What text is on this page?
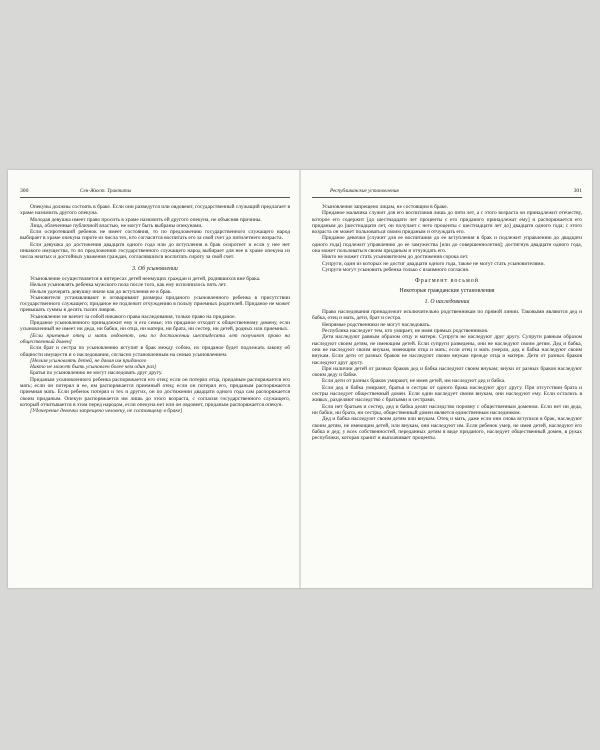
300	Сен-Жюст. Трактаты

Опекуны должны состоять в браке. Если они разведутся или овдовеют, государственный служащий предлагает в храме назначить другого опекуна.

Молодая девушка имеет право просить в храме назначить ей другого опекуна, не объясняя причины.

Лица, облеченные публичной властью, не могут быть выбраны опекунами.

Если осиротевший ребенок не имеет состояния, то по предложению государственного служащего народ выбирает в храме опекуна сироте из числа тех, кто согласится воспитать его за свой счет до пятилетнего возраста.

Если девушка до достижения двадцати одного года или до вступления в брак осиротеет и если у нее нет никакого имущества, то по предложению государственного служащего народ выбирает для нее в храме опекуна из числа жнатых и достойных уважения граждан, согласившихся воспитать сироту за свой счет.

3. Об усыновлении

Усыновление осуществляется в интересах детей неимущих граждан и детей, родившихся вне брака.

Нельзя усыновлять ребенка мужского пола после того, как ему исполнилось пять лет.

Нельзя удочерять девушку иначе как до вступления ее в брак.

Усыновители устанавливают и оговаривают размеры приданого усыновленного ребенка в присутствии государственного служащего; приданое не подлежит отчуждению в пользу приемных родителей. Приданое не может превышать суммы в десять тысяч ливров.

Усыновление не влечет за собой никакого права наследования, только право на приданое.

Приданое усыновленного принадлежит ему и его семье; это приданое отходит к общественному домену, если усыновленный не имеет ни деда, ни бабки, ни отца, ни матери, ни брата, ни сестер, ни детей, родных или приемных.

[Если приемные отец и мать овдовеют, они по достижении шестидесяти лет получают право на общественный домен]

Если брат и сестра по усыновлению вступят в брак между собою, их приданое будет подлежать закону об общности имуществ и о наследовании, согласно установленным на семью усыновлением.

[Нельзя усыновлять детей, не давая им приданого

Никто не может быть усыновлен более чем один раз]

Братья по усыновлению не могут наследовать друг другу.

Приданым усыновленного ребенка распоряжается его отец; если он потерял отца, приданым распоряжается его мать; если он потерял и ее, им распоряжается приемный отец; если он потерял его, приданым распоряжается приемная мать. Если ребенок потерял и тех и других, он по достижении двадцати одного года сам распоряжается своим приданым. Опекун распоряжается им лишь до этого возраста, с согласия государственного служащего, который отчитывается в этом перед народом, если опекуна нет или он овдовеет, приданым распоряжается опекун.

[Удочерение девочки запрещено человеку, не состоящему в браке]

Республиканские установления	301

Усыновление запрещено лицам, не состоящим в браке.

Приданое мальчика служит для его воспитания лишь до пяти лет, а с этого возраста он принадлежит отечеству, которое его содержит [до шестнадцати лет проценты с его приданого принадлежат ему] и распоряжается его приданым до [шестнадцати лет, он получает с него проценты с шестнадцати лет до] двадцати одного года; с этого возраста он может пользоваться своим приданым и отчуждать его.

Приданое девочки [служит для ее воспитания до ее вступления в брак и подлежит управлению до двадцати одного года] подлежит управлению до ее замужества [или до совершеннолетия]; достигнув двадцати одного года, она может пользоваться своим приданым и отчуждать его.

Никто не может стать усыновителем до достижения сорока лет.

Супруги, один из которых не достиг двадцати одного года, также не могут стать усыновителями.

Супруги могут усыновить ребенка только с взаимного согласия.

Фрагмент восьмой
Некоторые гражданские установления
1. О наследовании

Право наследования принадлежит исключительно родственникам по прямой линии. Таковыми являются дед и бабка, отец и мать, дети, брат и сестра.

Непрямые родственники не могут наследовать.

Республика наследует тем, кто умирает, не имея прямых родственников.

Дети наследуют равным образом отцу и матери. Супруги не наследуют друг другу. Супруги равным образом наследуют своим детям, не имеющим детей. Если супруги разведены, они не наследуют своим детям. Дед и бабка, они не наследуют своим внукам, имеющим отца и мать; если отец и мать умерли, дед и бабка наследуют своим внукам. Если дети от разных браков не наследуют своим внукам прежде отца и матери. Дети от разных браков наследуют друг другу.

При наличии детей от разных браков дед и бабка наследуют своим внукам; внуки от разных браков наследуют своим деду и бабке.

Если дети от разных браков умирают, не имея детей, им наследуют дед и бабка.

Если дед и бабка умирают, братья и сестры от одного брака наследуют друг другу. При отсутствии брата и сестры наследует общественный домен. Если один наследует своим внукам, они наследуют ему. Если остались в живых, разделяют наследство с братьями и сестрами.

Если нет братьев и сестер, дед и бабка делят наследство поровну с общественным доменом. Если нет ни деда, ни бабки, ни брата, ни сестры, общественный домен является единственным наследником.

Дед и бабка наследуют своим детям или внукам. Отец и мать, даже если они снова вступили в брак, наследуют своим детям, не имеющим детей, или внукам, они наследуют им. Если ребенок умер, не имея детей, наследуют его бабка и дед; у всех собственностей, переданных детям в виде приданого, наследует общественный домен, в руках республики, которая хранит и выплачивает проценты.
